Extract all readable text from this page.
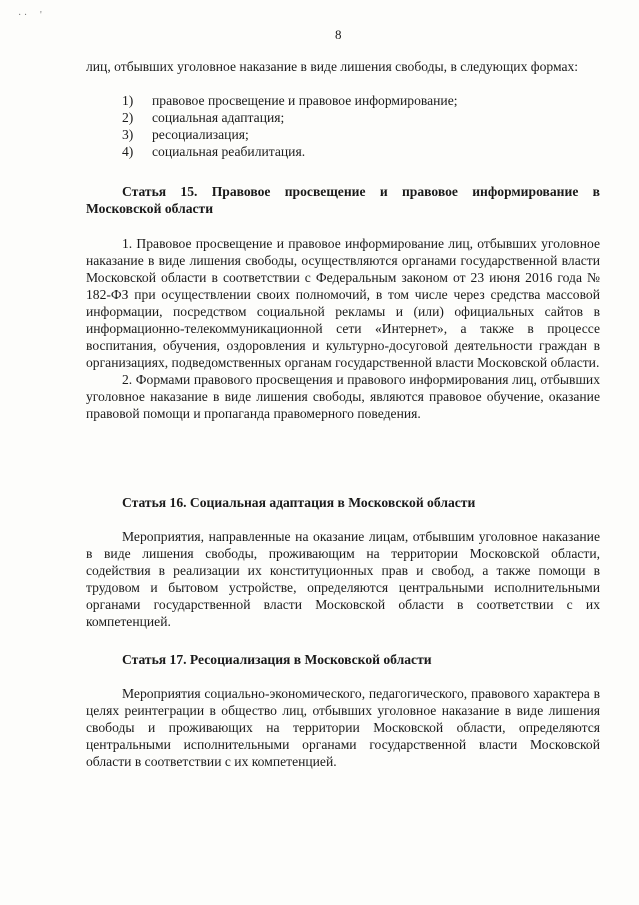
· · '
8

лиц, отбывших уголовное наказание в виде лишения свободы, в следующих формах:

1)	правовое просвещение и правовое информирование;
2)	социальная адаптация;
3)	ресоциализация;
4)	социальная реабилитация.
Статья 15. Правовое просвещение и правовое информирование в Московской области

1. Правовое просвещение и правовое информирование лиц, отбывших уголовное наказание в виде лишения свободы, осуществляются органами государственной власти Московской области в соответствии с Федеральным законом от 23 июня 2016 года № 182-ФЗ при осуществлении своих полномочий, в том числе через средства массовой информации, посредством социальной рекламы и (или) официальных сайтов в информационно-телекоммуникационной сети «Интернет», а также в процессе воспитания, обучения, оздоровления и культурно-досуговой деятельности граждан в организациях, подведомственных органам государственной власти Московской области.

2. Формами правового просвещения и правового информирования лиц, отбывших уголовное наказание в виде лишения свободы, являются правовое обучение, оказание правовой помощи и пропаганда правомерного поведения.

Статья 16. Социальная адаптация в Московской области

Мероприятия, направленные на оказание лицам, отбывшим уголовное наказание в виде лишения свободы, проживающим на территории Московской области, содействия в реализации их конституционных прав и свобод, а также помощи в трудовом и бытовом устройстве, определяются центральными исполнительными органами государственной власти Московской области в соответствии с их компетенцией.

Статья 17. Ресоциализация в Московской области

Мероприятия социально-экономического, педагогического, правового характера в целях реинтеграции в общество лиц, отбывших уголовное наказание в виде лишения свободы и проживающих на территории Московской области, определяются центральными исполнительными органами государственной власти Московской области в соответствии с их компетенцией.
